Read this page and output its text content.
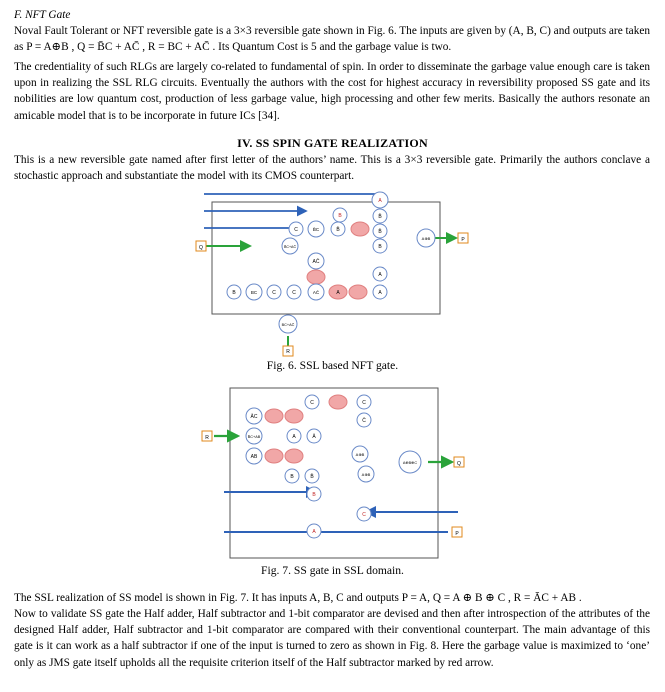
F. NFT Gate
Noval Fault Tolerant or NFT reversible gate is a 3×3 reversible gate shown in Fig. 6. The inputs are given by (A, B, C) and outputs are taken as P = A⊕B , Q = B̄C + AC̄ , R = BC + AC̄ . Its Quantum Cost is 5 and the garbage value is two.
The credentiality of such RLGs are largely co-related to fundamental of spin. In order to disseminate the garbage value enough care is taken upon in realizing the SSL RLG circuits. Eventually the authors with the cost for highest accuracy in reversibility proposed SS gate and its nobilities are low quantum cost, production of less garbage value, high processing and other few merits. Basically the authors resonate an amicable model that is to be incorporate in future ICs [34].
IV. SS SPIN GATE REALIZATION
This is a new reversible gate named after first letter of the authors’ name. This is a 3×3 reversible gate. Primarily the authors conclave a stochastic approach and substantiate the model with its CMOS counterpart.
Q
P
R
A
B
C	B̄C	B̄
B̄
B̄
B
A⊕B
B̄C+AC̄
AC̄
A
A
B	BC	C	C	AC̄	A
BC+AC̄
Fig. 6. SSL based NFT gate.
R
Q
P
ĀC
B̄C+AB
AB
A	Ā
C	C
C̄
A⊕B
A⊕B
A⊕B⊕C
B	B̄
B
C
A
Fig. 7. SS gate in SSL domain.
The SSL realization of SS model is shown in Fig. 7. It has inputs A, B, C and outputs P = A, Q = A ⊕ B ⊕ C , R = ĀC + AB .
Now to validate SS gate the Half adder, Half subtractor and 1-bit comparator are devised and then after introspection of the attributes of the designed Half adder, Half subtractor and 1-bit comparator are compared with their conventional counterpart. The main advantage of this gate is it can work as a half subtractor if one of the input is turned to zero as shown in Fig. 8. Here the garbage value is maximized to ‘one’ only as JMS gate itself upholds all the requisite criterion itself of the Half subtractor marked by red arrow.
